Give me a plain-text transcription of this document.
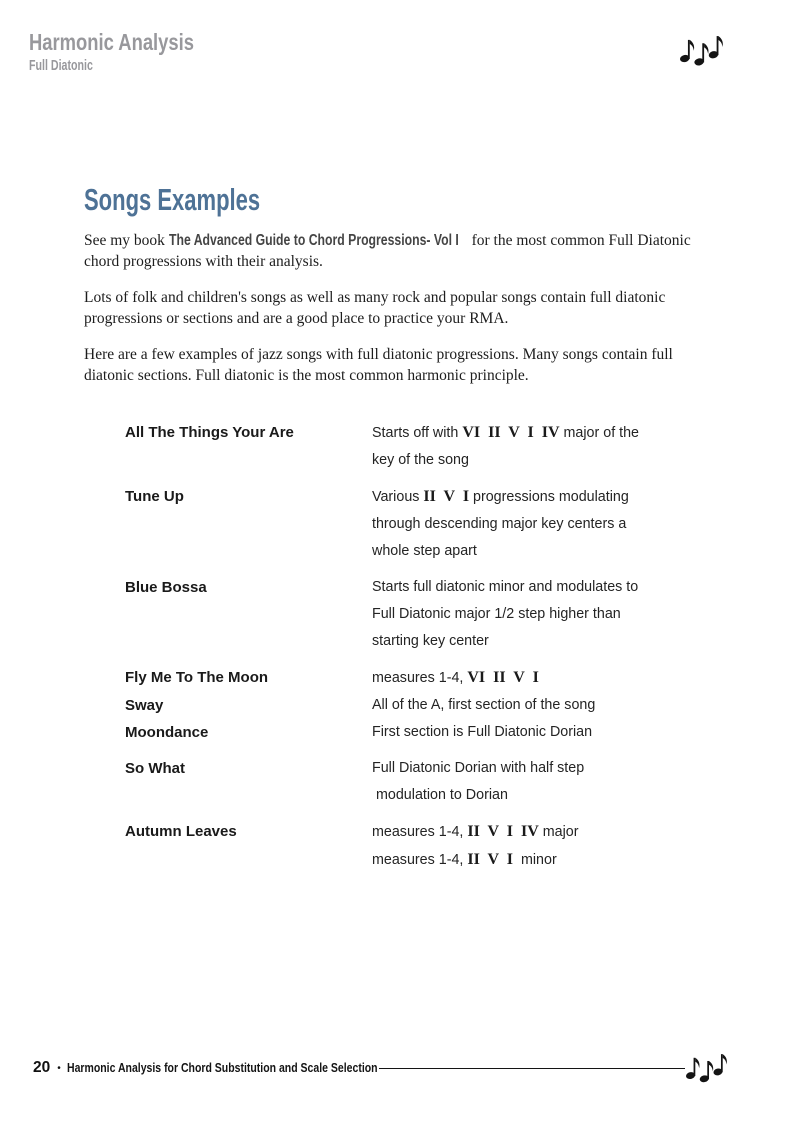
Harmonic Analysis
Full Diatonic
Songs Examples

See my book The Advanced Guide to Chord Progressions- Vol I for the most common Full Diatonic chord progressions with their analysis.

Lots of folk and children's songs as well as many rock and popular songs contain full diatonic progressions or sections and are a good place to practice your RMA.

Here are a few examples of jazz songs with full diatonic progressions. Many songs contain full diatonic sections. Full diatonic is the most common harmonic principle.

All The Things Your Are	Starts off with VI  II  V  I  IV major of the
key of the song
Tune Up	Various II  V  I progressions modulating
through descending major key centers a
whole step apart
Blue Bossa	Starts full diatonic minor and modulates to
Full Diatonic major 1/2 step higher than
starting key center
Fly Me To The Moon	measures 1-4, VI  II  V  I
Sway	All of the A, first section of the song
Moondance	First section is Full Diatonic Dorian
So What	Full Diatonic Dorian with half step
modulation to Dorian
Autumn Leaves	measures 1-4, II  V  I  IV major
measures 1-4, II  V  I  minor
20 • Harmonic Analysis for Chord Substitution and Scale Selection
